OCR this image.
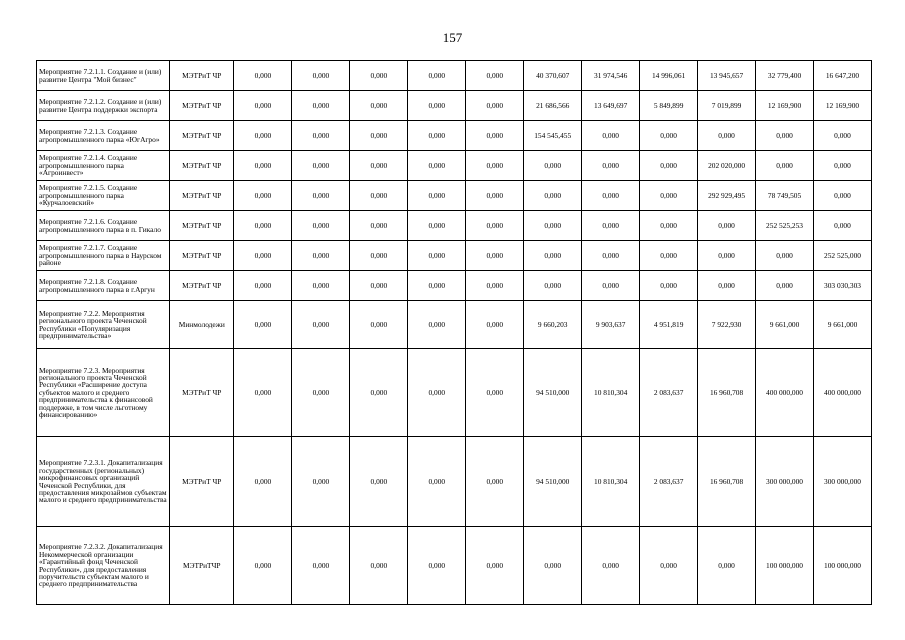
157
Мероприятие 7.2.1.1. Создание и (или) развитие Центра "Мой бизнес"	МЭТРиТ ЧР	0,000	0,000	0,000	0,000	0,000	40 370,607	31 974,546	14 996,061	13 945,657	32 779,400	16 647,200
Мероприятие 7.2.1.2. Создание и (или) развитие Центра поддержки экспорта	МЭТРиТ ЧР	0,000	0,000	0,000	0,000	0,000	21 686,566	13 649,697	5 849,899	7 019,899	12 169,900	12 169,900
Мероприятие 7.2.1.3. Создание агропромышленного парка «ЮгАгро»	МЭТРиТ ЧР	0,000	0,000	0,000	0,000	0,000	154 545,455	0,000	0,000	0,000	0,000	0,000
Мероприятие 7.2.1.4. Создание агропромышленного парка «Агроинвест»	МЭТРиТ ЧР	0,000	0,000	0,000	0,000	0,000	0,000	0,000	0,000	202 020,000	0,000	0,000
Мероприятие 7.2.1.5. Создание агропромышленного парка «Курчалоевский»	МЭТРиТ ЧР	0,000	0,000	0,000	0,000	0,000	0,000	0,000	0,000	292 929,495	78 749,505	0,000
Мероприятие 7.2.1.6. Создание агропромышленного парка в п. Гикало	МЭТРиТ ЧР	0,000	0,000	0,000	0,000	0,000	0,000	0,000	0,000	0,000	252 525,253	0,000
Мероприятие 7.2.1.7. Создание агропромышленного парка в Наурском районе	МЭТРиТ ЧР	0,000	0,000	0,000	0,000	0,000	0,000	0,000	0,000	0,000	0,000	252 525,000
Мероприятие 7.2.1.8. Создание агропромышленного парка в г.Аргун	МЭТРиТ ЧР	0,000	0,000	0,000	0,000	0,000	0,000	0,000	0,000	0,000	0,000	303 030,303
Мероприятие 7.2.2. Мероприятия регионального проекта Чеченской Республики «Популяризация предпринимательства»	Минмолодежи	0,000	0,000	0,000	0,000	0,000	9 660,203	9 903,637	4 951,819	7 922,930	9 661,000	9 661,000
Мероприятие 7.2.3. Мероприятия регионального проекта Чеченской Республики «Расширение доступа субъектов малого и среднего предпринимательства к финансовой поддержке, в том числе льготному финансированию»	МЭТРиТ ЧР	0,000	0,000	0,000	0,000	0,000	94 510,000	10 810,304	2 083,637	16 960,708	400 000,000	400 000,000
Мероприятие 7.2.3.1. Докапитализация государственных (региональных) микрофинансовых организаций Чеченской Республики, для предоставления микрозаймов субъектам малого и среднего предпринимательства	МЭТРиТ ЧР	0,000	0,000	0,000	0,000	0,000	94 510,000	10 810,304	2 083,637	16 960,708	300 000,000	300 000,000
Мероприятие 7.2.3.2. Докапитализация Некоммерческой организации «Гарантийный фонд Чеченской Республики», для предоставления поручительств субъектам малого и среднего предпринимательства	МЭТРиТЧР	0,000	0,000	0,000	0,000	0,000	0,000	0,000	0,000	0,000	100 000,000	100 000,000
